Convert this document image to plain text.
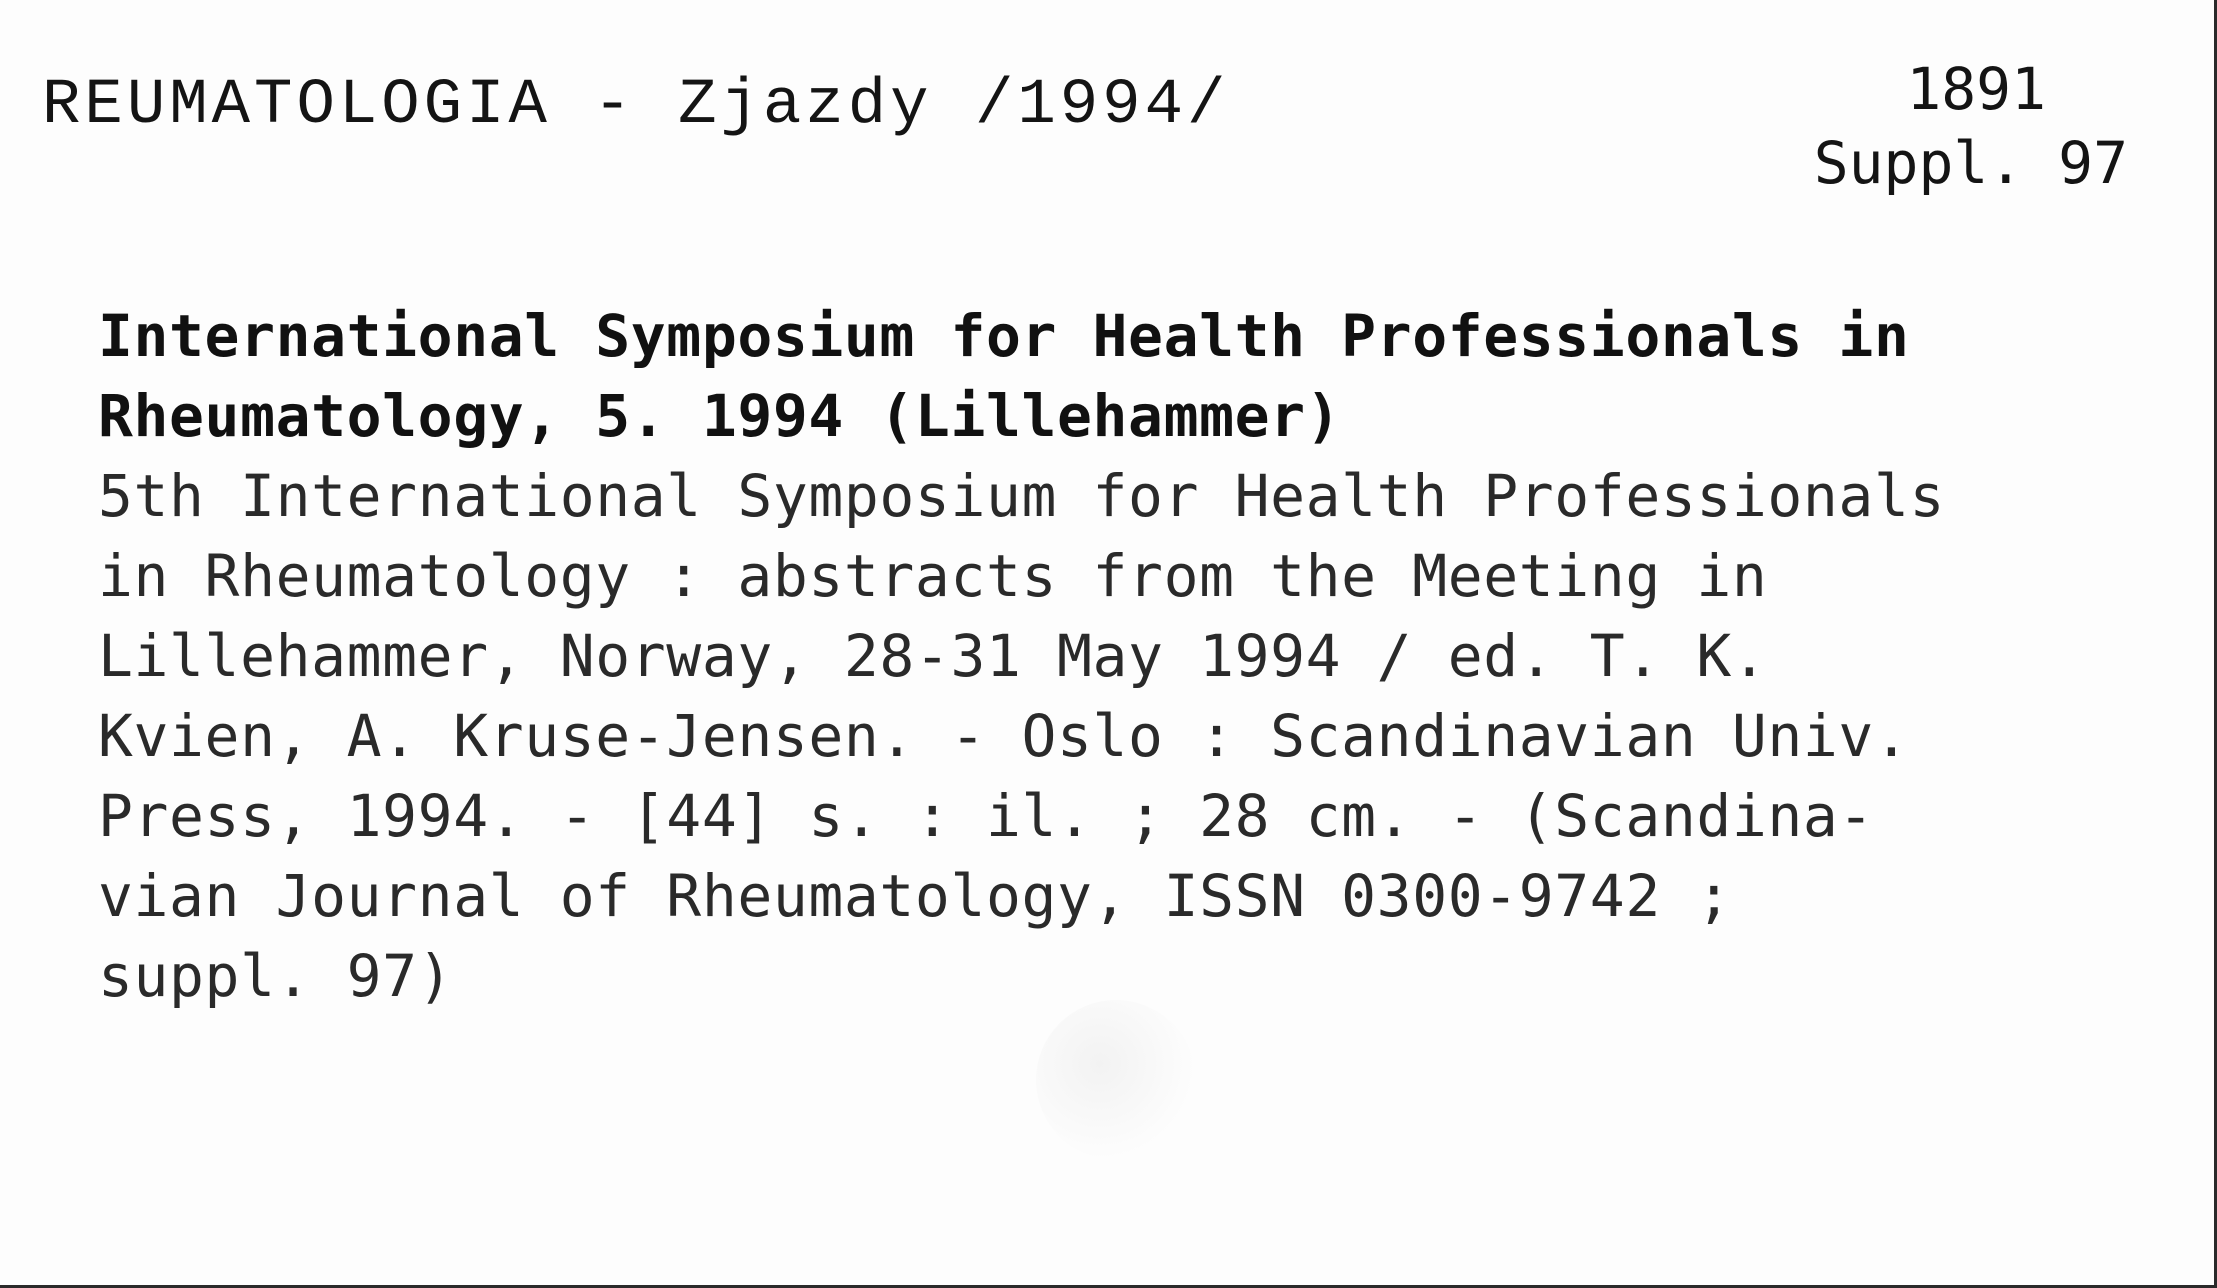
REUMATOLOGIA - Zjazdy /1994/	1891
Suppl. 97
International Symposium for Health Professionals in
Rheumatology, 5. 1994 (Lillehammer)
5th International Symposium for Health Professionals
in Rheumatology : abstracts from the Meeting in
Lillehammer, Norway, 28-31 May 1994 / ed. T. K.
Kvien, A. Kruse-Jensen. - Oslo : Scandinavian Univ.
Press, 1994. - [44] s. : il. ; 28 cm. - (Scandina-
vian Journal of Rheumatology, ISSN 0300-9742 ;
suppl. 97)
